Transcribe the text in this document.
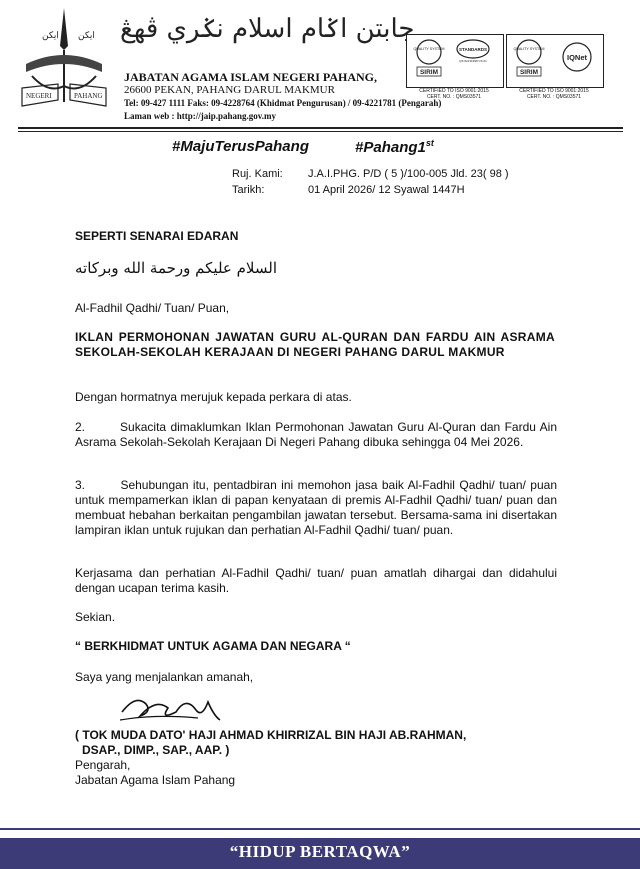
ایکن ایکن
NEGERI	PAHANG
جابتن اݢام اسلام نݢري ڤهڠ
JABATAN AGAMA ISLAM NEGERI PAHANG,
26600 PEKAN, PAHANG DARUL MAKMUR
Tel: 09-427 1111 Faks: 09-4228764 (Khidmat Pengurusan) / 09-4221781 (Pengarah)
Laman web : http://jaip.pahang.gov.my
QUALITY SYSTEM	STANDARDS
QS 02131999 CS 01
SIRIM
CERTIFIED TO ISO 9001:2015
CERT. NO. : QMS03571
QUALITY SYSTEM
IQNet
SIRIM
CERTIFIED TO ISO 9001:2015
CERT. NO. : QMS03571
#MajuTerusPahang	#Pahang1st
Ruj. Kami: J.A.I.PHG. P/D ( 5 )/100-005 Jld. 23( 98 )
Tarikh:	01 April 2026/ 12 Syawal 1447H
SEPERTI SENARAI EDARAN
السلام عليكم ورحمة الله وبركاته
Al-Fadhil Qadhi/ Tuan/ Puan,
IKLAN PERMOHONAN JAWATAN GURU AL-QURAN DAN FARDU AIN ASRAMA SEKOLAH-SEKOLAH KERAJAAN DI NEGERI PAHANG DARUL MAKMUR
Dengan hormatnya merujuk kepada perkara di atas.
2.	Sukacita dimaklumkan Iklan Permohonan Jawatan Guru Al-Quran dan Fardu Ain Asrama Sekolah-Sekolah Kerajaan Di Negeri Pahang dibuka sehingga 04 Mei 2026.
3.	Sehubungan itu, pentadbiran ini memohon jasa baik Al-Fadhil Qadhi/ tuan/ puan untuk mempamerkan iklan di papan kenyataan di premis Al-Fadhil Qadhi/ tuan/ puan dan membuat hebahan berkaitan pengambilan jawatan tersebut. Bersama-sama ini disertakan lampiran iklan untuk rujukan dan perhatian Al-Fadhil Qadhi/ tuan/ puan.
Kerjasama dan perhatian Al-Fadhil Qadhi/ tuan/ puan amatlah dihargai dan didahului dengan ucapan terima kasih.
Sekian.
“ BERKHIDMAT UNTUK AGAMA DAN NEGARA “
Saya yang menjalankan amanah,
( TOK MUDA DATO' HAJI AHMAD KHIRRIZAL BIN HAJI AB.RAHMAN,
DSAP., DIMP., SAP., AAP. )
Pengarah,
Jabatan Agama Islam Pahang
“HIDUP BERTAQWA”
